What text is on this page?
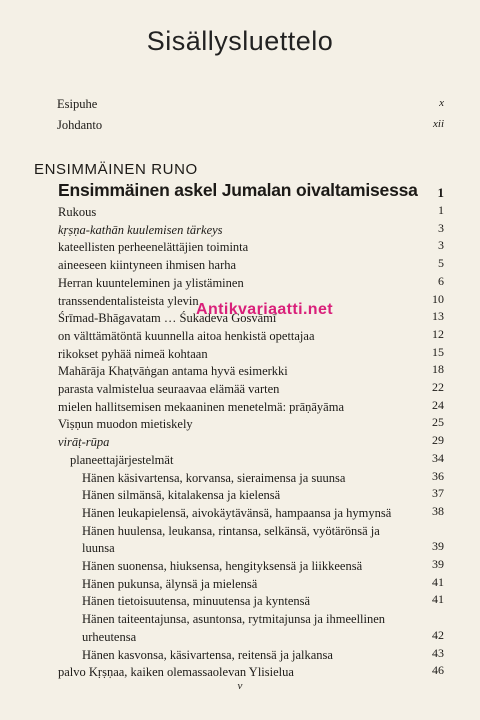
Sisällysluettelo
Esipuhe	x
Johdanto	xii
ENSIMMÄINEN RUNO
Ensimmäinen askel Jumalan oivaltamisessa 1
Rukous	1
kṛṣṇa-kathān kuulemisen tärkeys	3
kateellisten perheenelättäjien toiminta	3
aineeseen kiintyneen ihmisen harha	5
Herran kuunteleminen ja ylistäminen	6
transsendentalisteista ylevin	10
Śrīmad-Bhāgavatam … Śukadeva Gosvāmī	13
on välttämätöntä kuunnella aitoa henkistä opettajaa	12
rikokset pyhää nimeä kohtaan	15
Mahārāja Khaṭvāṅgan antama hyvä esimerkki	18
parasta valmistelua seuraavaa elämää varten	22
mielen hallitsemisen mekaaninen menetelmä: prāṇāyāma	24
Viṣṇun muodon mietiskely	25
virāṭ-rūpa	29
planeettajärjestelmät	34
Hänen käsivartensa, korvansa, sieraimensa ja suunsa	36
Hänen silmänsä, kitalakensa ja kielensä	37
Hänen leukapielensä, aivokäytävänsä, hampaansa ja hymynsä	38
Hänen huulensa, leukansa, rintansa, selkänsä, vyötärönsä ja
luunsa	39
Hänen suonensa, hiuksensa, hengityksensä ja liikkeensä	39
Hänen pukunsa, älynsä ja mielensä	41
Hänen tietoisuutensa, minuutensa ja kyntensä	41
Hänen taiteentajunsa, asuntonsa, rytmitajunsa ja ihmeellinen
urheutensa	42
Hänen kasvonsa, käsivartensa, reitensä ja jalkansa	43
palvo Kṛṣṇaa, kaiken olemassaolevan Ylisielua	46
Antikvariaatti.net
v
